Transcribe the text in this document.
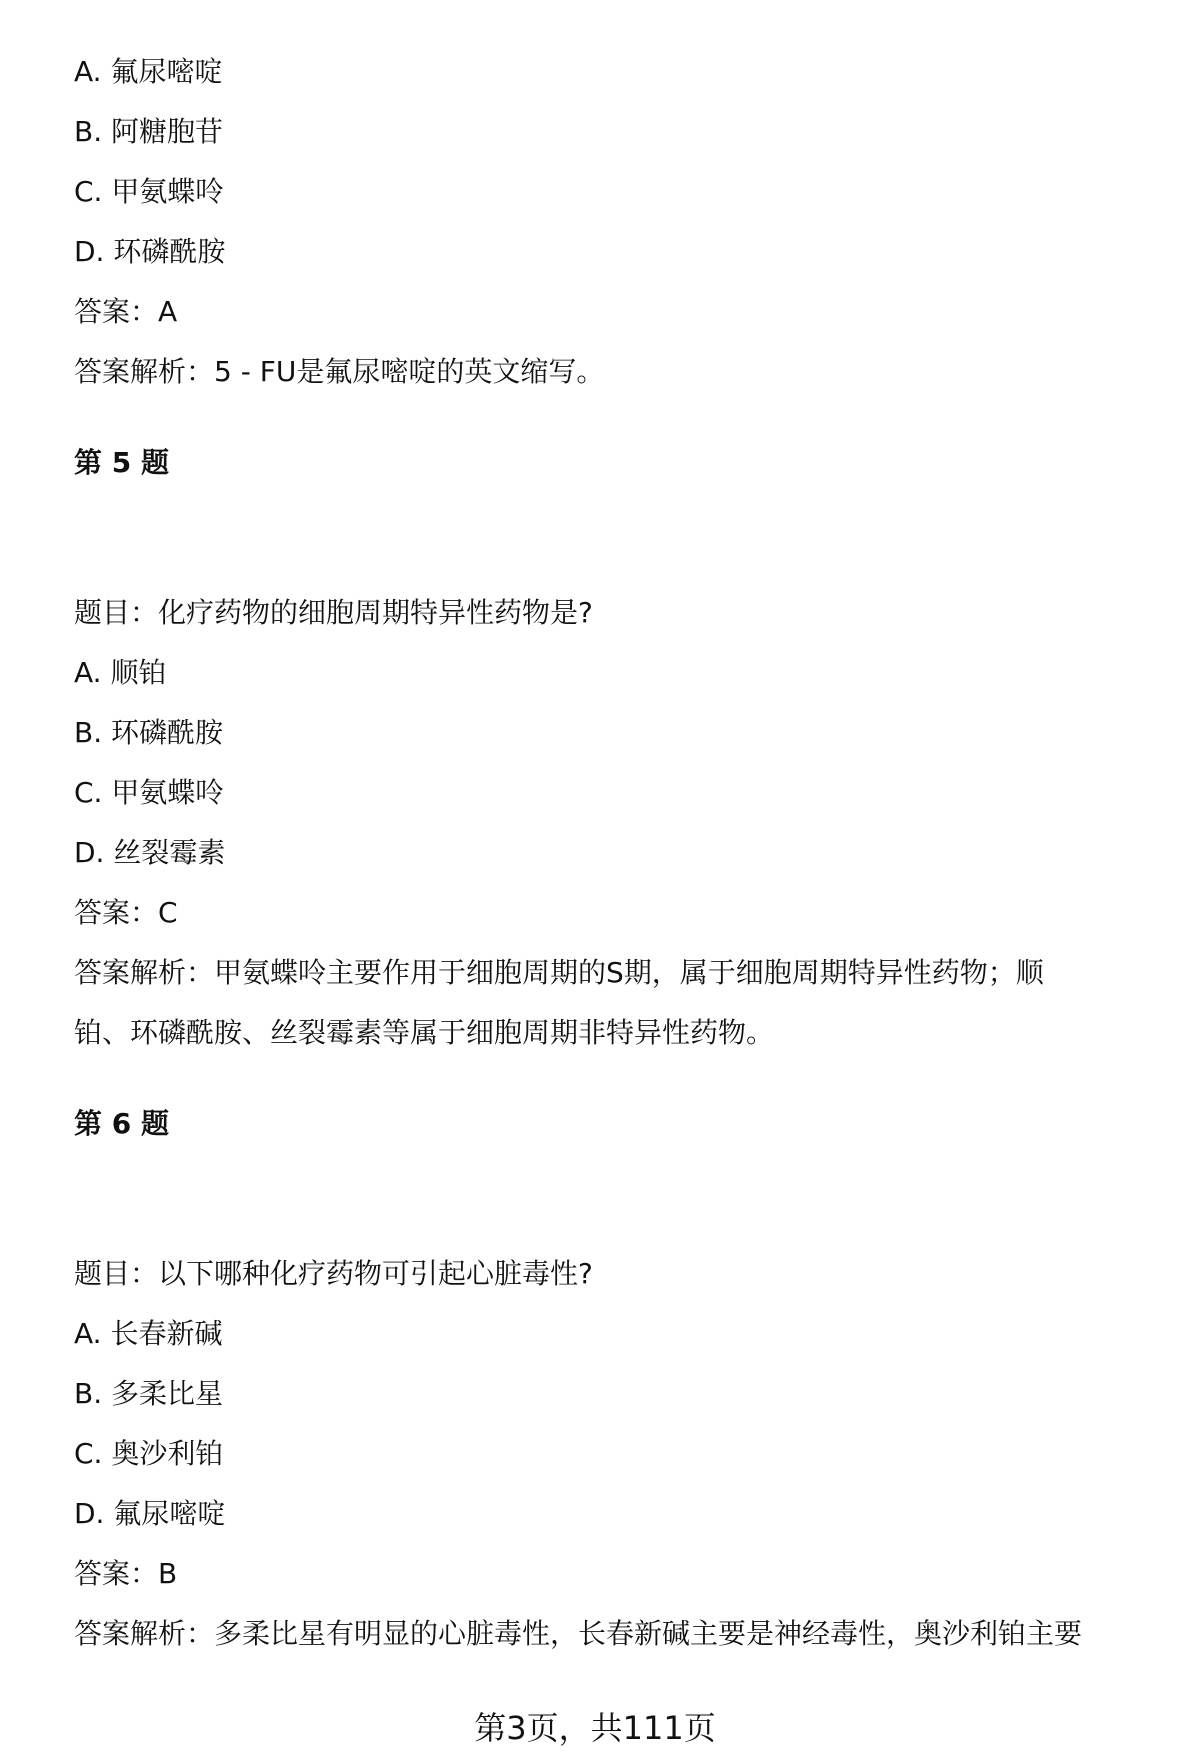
A. 氟尿嘧啶
B. 阿糖胞苷
C. 甲氨蝶呤
D. 环磷酰胺
答案：A
答案解析：5 - FU是氟尿嘧啶的英文缩写。
第 5 题
题目：化疗药物的细胞周期特异性药物是?
A. 顺铂
B. 环磷酰胺
C. 甲氨蝶呤
D. 丝裂霉素
答案：C
答案解析：甲氨蝶呤主要作用于细胞周期的S期，属于细胞周期特异性药物；顺
铂、环磷酰胺、丝裂霉素等属于细胞周期非特异性药物。
第 6 题
题目：以下哪种化疗药物可引起心脏毒性?
A. 长春新碱
B. 多柔比星
C. 奥沙利铂
D. 氟尿嘧啶
答案：B
答案解析：多柔比星有明显的心脏毒性，长春新碱主要是神经毒性，奥沙利铂主要
第3页，共111页
